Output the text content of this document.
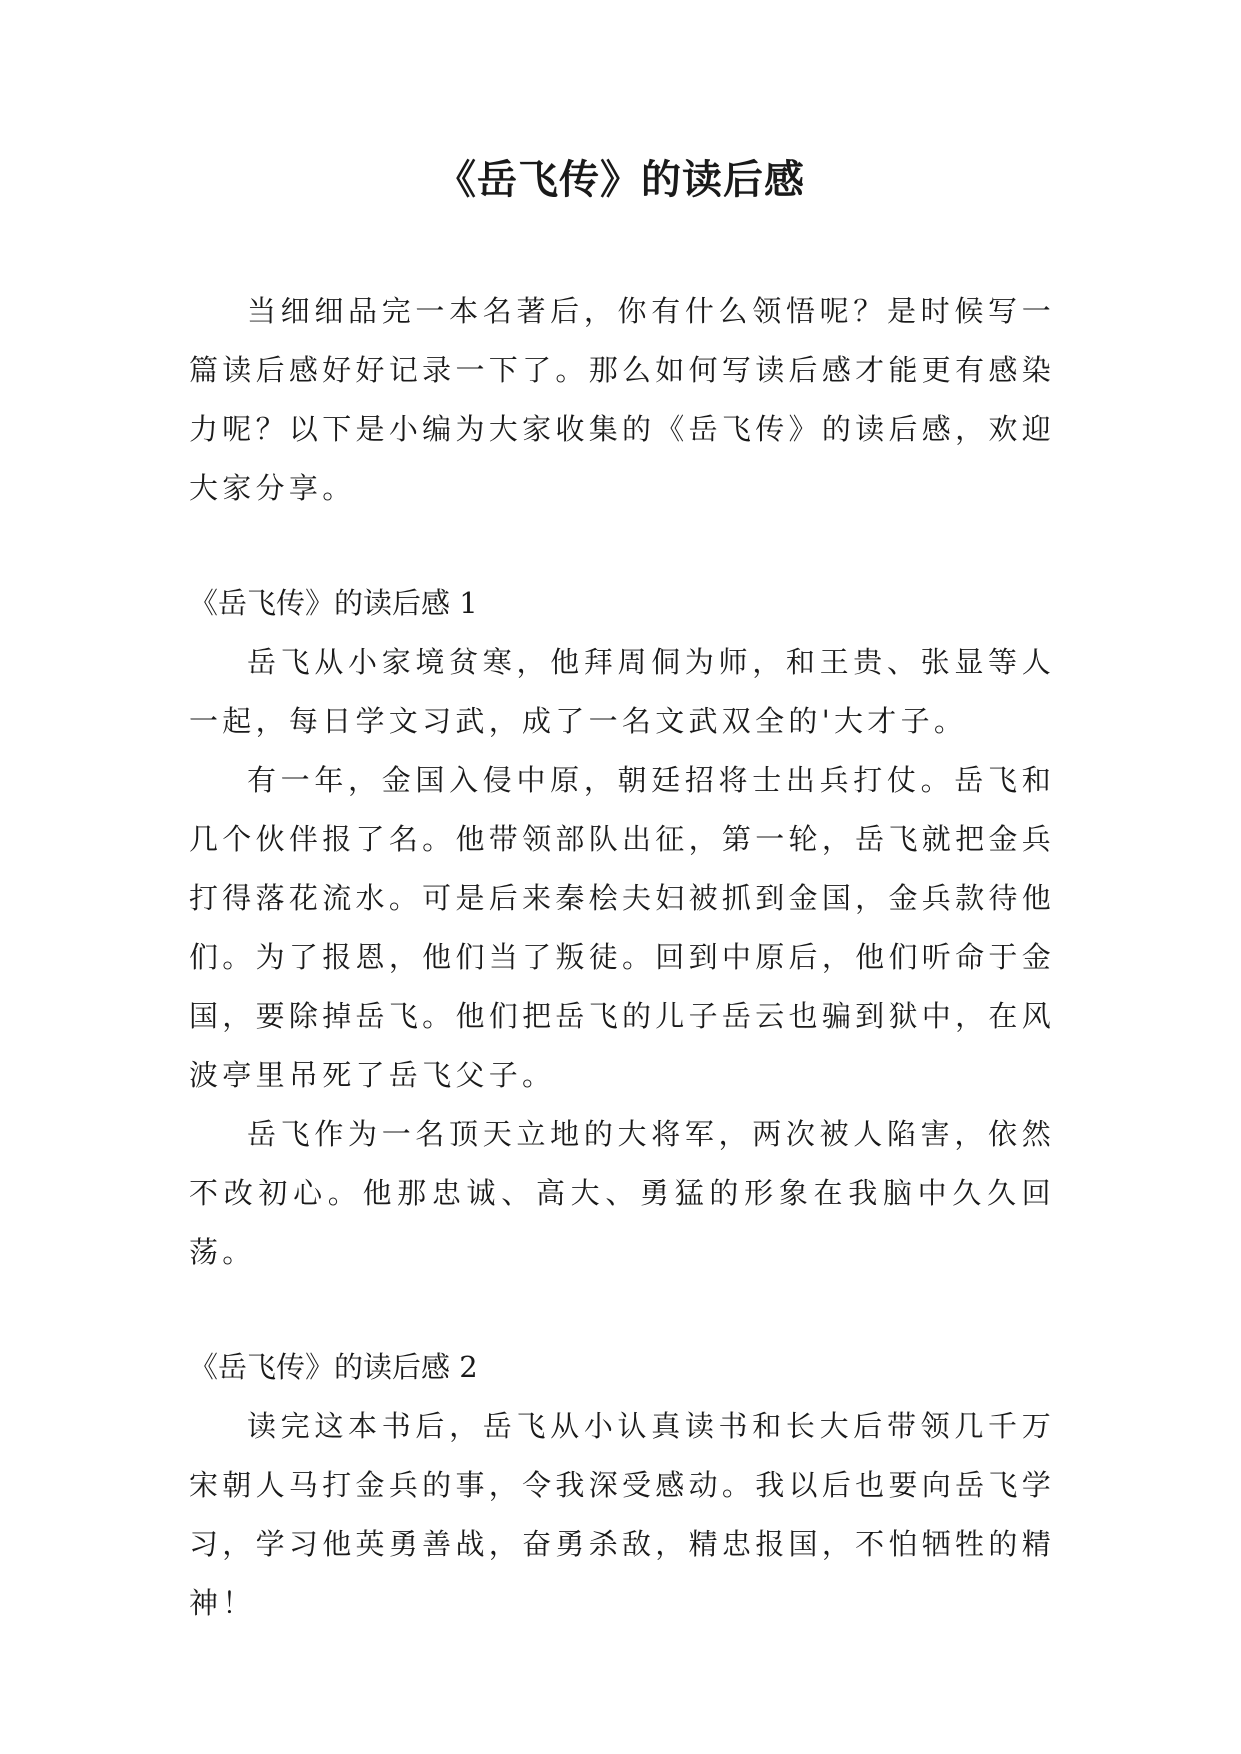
《岳飞传》的读后感

当细细品完一本名著后，你有什么领悟呢？是时候写一篇读后感好好记录一下了。那么如何写读后感才能更有感染力呢？以下是小编为大家收集的《岳飞传》的读后感，欢迎大家分享。

《岳飞传》的读后感 1

岳飞从小家境贫寒，他拜周侗为师，和王贵、张显等人一起，每日学文习武，成了一名文武双全的'大才子。

有一年，金国入侵中原，朝廷招将士出兵打仗。岳飞和几个伙伴报了名。他带领部队出征，第一轮，岳飞就把金兵打得落花流水。可是后来秦桧夫妇被抓到金国，金兵款待他们。为了报恩，他们当了叛徒。回到中原后，他们听命于金国，要除掉岳飞。他们把岳飞的儿子岳云也骗到狱中，在风波亭里吊死了岳飞父子。

岳飞作为一名顶天立地的大将军，两次被人陷害，依然不改初心。他那忠诚、高大、勇猛的形象在我脑中久久回荡。

《岳飞传》的读后感 2

读完这本书后，岳飞从小认真读书和长大后带领几千万宋朝人马打金兵的事，令我深受感动。我以后也要向岳飞学习，学习他英勇善战，奋勇杀敌，精忠报国，不怕牺牲的精神！
